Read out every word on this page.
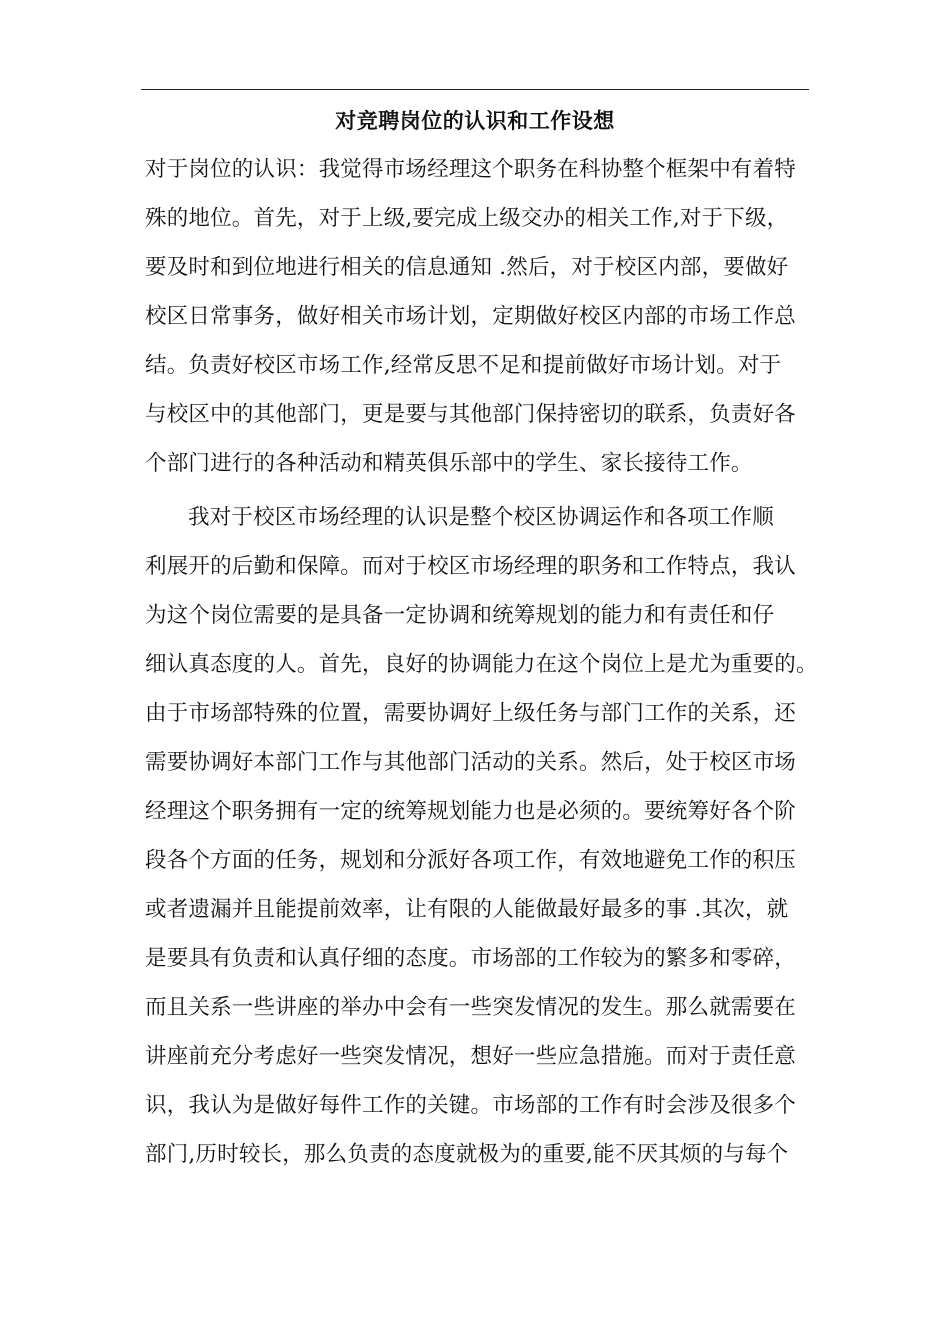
对竞聘岗位的认识和工作设想
对于岗位的认识：我觉得市场经理这个职务在科协整个框架中有着特
殊的地位。首先，对于上级,要完成上级交办的相关工作,对于下级，
要及时和到位地进行相关的信息通知 .然后，对于校区内部，要做好
校区日常事务，做好相关市场计划，定期做好校区内部的市场工作总
结。负责好校区市场工作,经常反思不足和提前做好市场计划。对于
与校区中的其他部门，更是要与其他部门保持密切的联系，负责好各
个部门进行的各种活动和精英俱乐部中的学生、家长接待工作。
我对于校区市场经理的认识是整个校区协调运作和各项工作顺
利展开的后勤和保障。而对于校区市场经理的职务和工作特点，我认
为这个岗位需要的是具备一定协调和统筹规划的能力和有责任和仔
细认真态度的人。首先，良好的协调能力在这个岗位上是尤为重要的。
由于市场部特殊的位置，需要协调好上级任务与部门工作的关系，还
需要协调好本部门工作与其他部门活动的关系。然后，处于校区市场
经理这个职务拥有一定的统筹规划能力也是必须的。要统筹好各个阶
段各个方面的任务，规划和分派好各项工作，有效地避免工作的积压
或者遗漏并且能提前效率，让有限的人能做最好最多的事 .其次，就
是要具有负责和认真仔细的态度。市场部的工作较为的繁多和零碎，
而且关系一些讲座的举办中会有一些突发情况的发生。那么就需要在
讲座前充分考虑好一些突发情况，想好一些应急措施。而对于责任意
识，我认为是做好每件工作的关键。市场部的工作有时会涉及很多个
部门,历时较长，那么负责的态度就极为的重要,能不厌其烦的与每个
